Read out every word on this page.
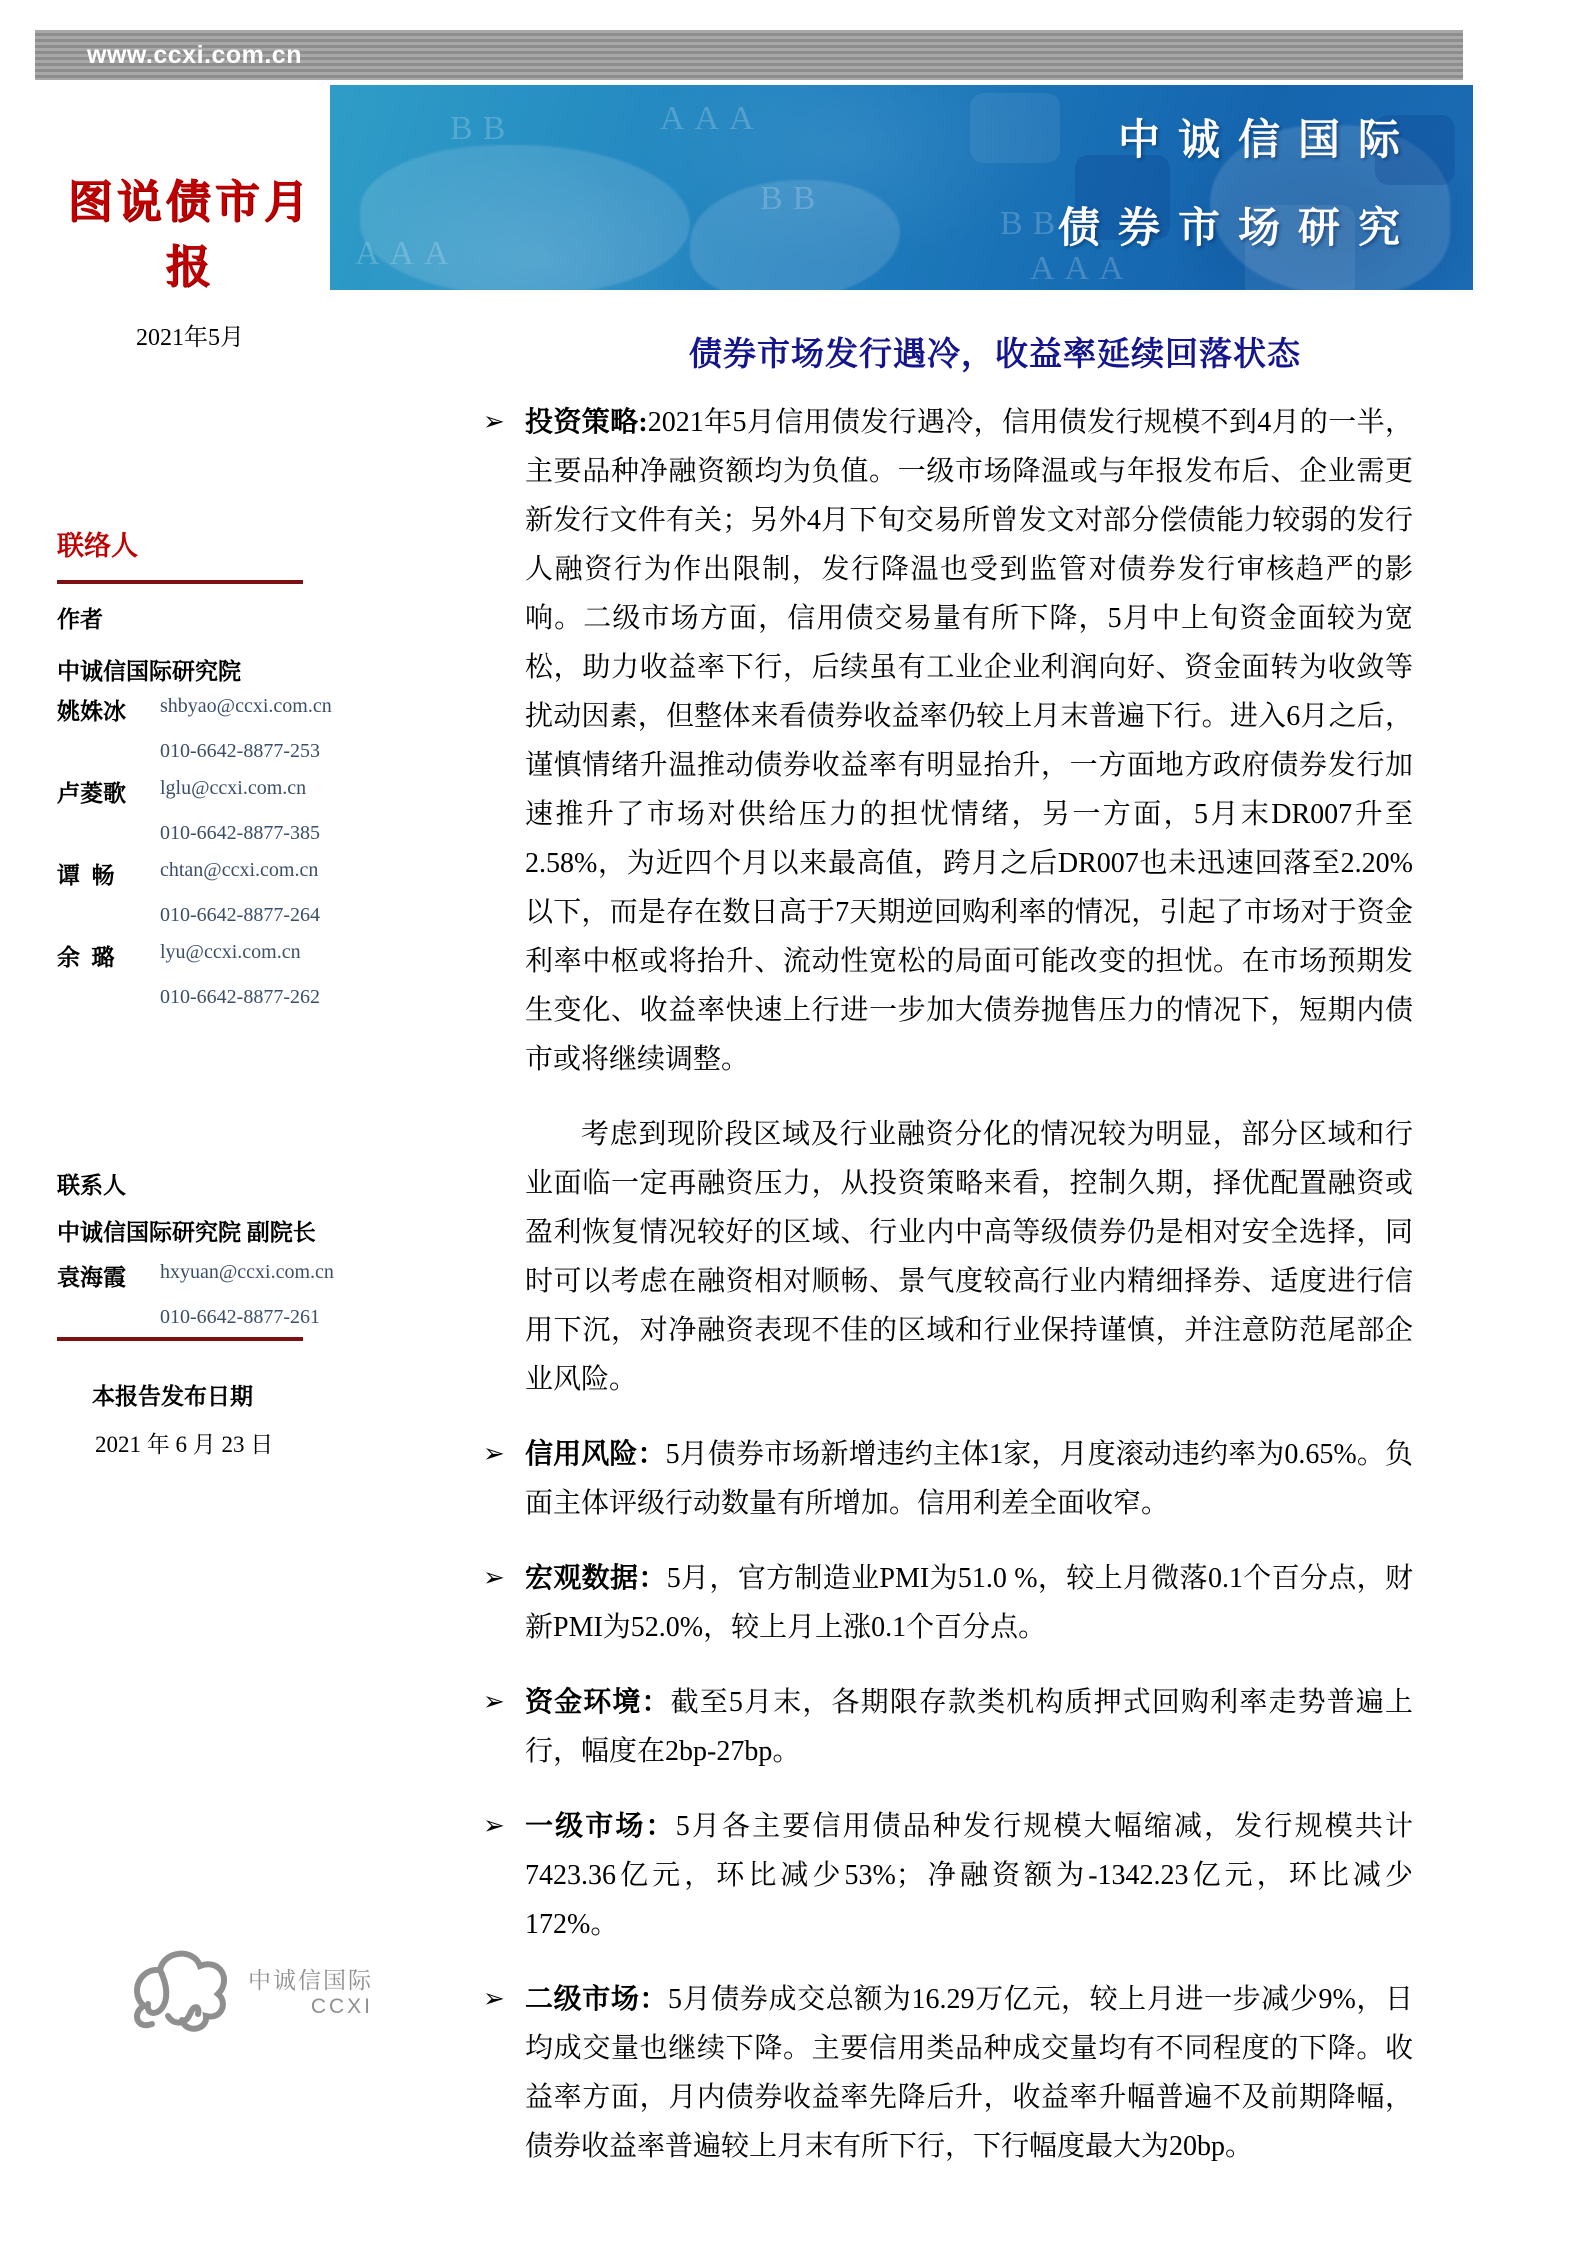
www.ccxi.com.cn
图说债市月报
2021年5月
AAA
BB
BB
AAA
BB
AAA
中诚信国际
债券市场研究
联络人
作者
中诚信国际研究院
姚姝冰 shbyao@ccxi.com.cn
010-6642-8877-253
卢菱歌 lglu@ccxi.com.cn
010-6642-8877-385
谭  畅 chtan@ccxi.com.cn
010-6642-8877-264
余  璐 lyu@ccxi.com.cn
010-6642-8877-262
联系人
中诚信国际研究院 副院长
袁海霞 hxyuan@ccxi.com.cn
010-6642-8877-261
本报告发布日期
2021 年 6 月 23 日
债券市场发行遇冷，收益率延续回落状态
➢ 投资策略:2021年5月信用债发行遇冷，信用债发行规模不到4月的一半，主要品种净融资额均为负值。一级市场降温或与年报发布后、企业需更新发行文件有关；另外4月下旬交易所曾发文对部分偿债能力较弱的发行人融资行为作出限制，发行降温也受到监管对债券发行审核趋严的影响。二级市场方面，信用债交易量有所下降，5月中上旬资金面较为宽松，助力收益率下行，后续虽有工业企业利润向好、资金面转为收敛等扰动因素，但整体来看债券收益率仍较上月末普遍下行。进入6月之后，谨慎情绪升温推动债券收益率有明显抬升，一方面地方政府债券发行加速推升了市场对供给压力的担忧情绪，另一方面，5月末DR007升至2.58%，为近四个月以来最高值，跨月之后DR007也未迅速回落至2.20%以下，而是存在数日高于7天期逆回购利率的情况，引起了市场对于资金利率中枢或将抬升、流动性宽松的局面可能改变的担忧。在市场预期发生变化、收益率快速上行进一步加大债券抛售压力的情况下，短期内债市或将继续调整。
考虑到现阶段区域及行业融资分化的情况较为明显，部分区域和行业面临一定再融资压力，从投资策略来看，控制久期，择优配置融资或盈利恢复情况较好的区域、行业内中高等级债券仍是相对安全选择，同时可以考虑在融资相对顺畅、景气度较高行业内精细择券、适度进行信用下沉，对净融资表现不佳的区域和行业保持谨慎，并注意防范尾部企业风险。
➢ 信用风险：5月债券市场新增违约主体1家，月度滚动违约率为0.65%。负面主体评级行动数量有所增加。信用利差全面收窄。
➢ 宏观数据：5月，官方制造业PMI为51.0 %，较上月微落0.1个百分点，财新PMI为52.0%，较上月上涨0.1个百分点。
➢ 资金环境：截至5月末，各期限存款类机构质押式回购利率走势普遍上行，幅度在2bp-27bp。
➢ 一级市场：5月各主要信用债品种发行规模大幅缩减，发行规模共计7423.36亿元，环比减少53%；净融资额为-1342.23亿元，环比减少172%。
➢ 二级市场：5月债券成交总额为16.29万亿元，较上月进一步减少9%，日均成交量也继续下降。主要信用类品种成交量均有不同程度的下降。收益率方面，月内债券收益率先降后升，收益率升幅普遍不及前期降幅，债券收益率普遍较上月末有所下行，下行幅度最大为20bp。
中诚信国际
CCXI
